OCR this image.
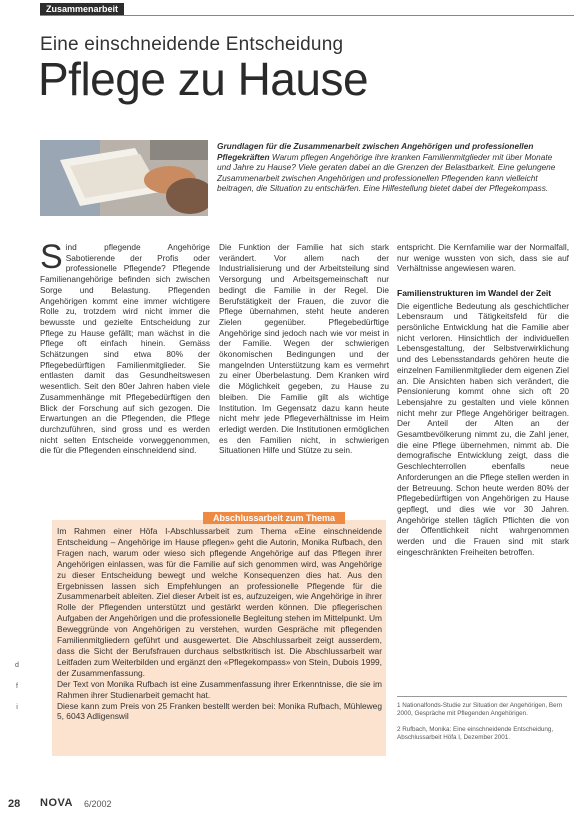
Zusammenarbeit
Eine einschneidende Entscheidung
Pflege zu Hause
Grundlagen für die Zusammenarbeit zwischen Angehörigen und professionellen Pflegekräften Warum pflegen Angehörige ihre kranken Familienmitglieder mit über Monate und Jahre zu Hause? Viele geraten dabei an die Grenzen der Belastbarkeit. Eine gelungene Zusammenarbeit zwischen Angehörigen und professionellen Pflegenden kann vielleicht beitragen, die Situation zu entschärfen. Eine Hilfestellung bietet dabei der Pflegekompass.
S ind pflegende Angehörige Sabotierende der Profis oder professionelle Pflegende? Pflegende Familienangehörige befinden sich zwischen Sorge und Belastung. Pflegenden Angehörigen kommt eine immer wichtigere Rolle zu, trotzdem wird nicht immer die bewusste und gezielte Entscheidung zur Pflege zu Hause gefällt; man wächst in die Pflege oft einfach hinein. Gemäss Schätzungen sind etwa 80% der Pflegebedürftigen Familienmitglieder. Sie entlasten damit das Gesundheitswesen wesentlich. Seit den 80er Jahren haben viele Zusammenhänge mit Pflegebedürftigen den Blick der Forschung auf sich gezogen. Die Erwartungen an die Pflegenden, die Pflege durchzuführen, sind gross und es werden nicht selten Entscheide vorweggenommen, die für die Pflegenden einschneidend sind.
Die Funktion der Familie hat sich stark verändert. Vor allem nach der Industrialisierung und der Arbeitsteilung sind Versorgung und Arbeitsgemeinschaft nur bedingt die Familie in der Regel. Die Berufstätigkeit der Frauen, die zuvor die Pflege übernahmen, steht heute anderen Zielen gegenüber. Pflegebedürftige Angehörige sind jedoch nach wie vor meist in der Familie. Wegen der schwierigen ökonomischen Bedingungen und der mangelnden Unterstützung kam es vermehrt zu einer Überbelastung. Dem Kranken wird die Möglichkeit gegeben, zu Hause zu bleiben. Die Familie gilt als wichtige Institution. Im Gegensatz dazu kann heute nicht mehr jede Pflegeverhältnisse im Heim erledigt werden. Die Institutionen ermöglichen es den Familien nicht, in schwierigen Situationen Hilfe und Stütze zu sein.
entspricht. Die Kernfamilie war der Normalfall, nur wenige wussten von sich, dass sie auf Verhältnisse angewiesen waren.
Familienstrukturen im Wandel der Zeit
Die eigentliche Bedeutung als geschichtlicher Lebensraum und Tätigkeitsfeld für die persönliche Entwicklung hat die Familie aber nicht verloren. Hinsichtlich der individuellen Lebensgestaltung, der Selbstverwirklichung und des Lebensstandards gehören heute die einzelnen Familienmitglieder dem eigenen Ziel an. Die Ansichten haben sich verändert, die Pensionierung kommt ohne sich oft 20 Lebensjahre zu gestalten und viele können nicht mehr zur Pflege Angehöriger beitragen. Der Anteil der Alten an der Gesamtbevölkerung nimmt zu, die Zahl jener, die eine Pflege übernehmen, nimmt ab. Die demografische Entwicklung zeigt, dass die Geschlechterrollen ebenfalls neue Anforderungen an die Pflege stellen werden in der Betreuung. Schon heute werden 80% der Pflegebedürftigen von Angehörigen zu Hause gepflegt, und dies wie vor 30 Jahren. Angehörige stellen täglich Pflichten die von der Öffentlichkeit nicht wahrgenommen werden und die Frauen sind mit stark eingeschränkten Freiheiten betroffen.
Abschlussarbeit zum Thema
Im Rahmen einer Höfa I-Abschlussarbeit zum Thema «Eine einschneidende Entscheidung – Angehörige im Hause pflegen» geht die Autorin, Monika Rufbach, den Fragen nach, warum oder wieso sich pflegende Angehörige auf das Pflegen ihrer Angehörigen einlassen, was für die Familie auf sich genommen wird, was Angehörige zu dieser Entscheidung bewegt und welche Konsequenzen dies hat. Aus den Ergebnissen lassen sich Empfehlungen an professionelle Pflegende für die Zusammenarbeit ableiten. Ziel dieser Arbeit ist es, aufzuzeigen, wie Angehörige in ihrer Rolle der Pflegenden unterstützt und gestärkt werden können. Die pflegerischen Aufgaben der Angehörigen und die professionelle Begleitung stehen im Mittelpunkt. Um Beweggründe von Angehörigen zu verstehen, wurden Gespräche mit pflegenden Familienmitgliedern geführt und ausgewertet. Die Abschlussarbeit zeigt ausserdem, dass die Sicht der Berufsfrauen durchaus selbstkritisch ist. Die Abschlussarbeit war Leitfaden zum Weiterbilden und ergänzt den «Pflegekompass» von Stein, Dubois 1999, der Zusammenfassung.
Der Text von Monika Rufbach ist eine Zusammenfassung ihrer Erkenntnisse, die sie im Rahmen ihrer Studienarbeit gemacht hat.
Diese kann zum Preis von 25 Franken bestellt werden bei: Monika Rufbach, Mühleweg 5, 6043 Adligenswil
1 Nationalfonds-Studie zur Situation der Angehörigen, Bern 2000, Gespräche mit Pflegenden Angehörigen.
2 Rufbach, Monika: Eine einschneidende Entscheidung, Abschlussarbeit Höfa I, Dezember 2001.
d
f
i
28 NOVA 6/2002
